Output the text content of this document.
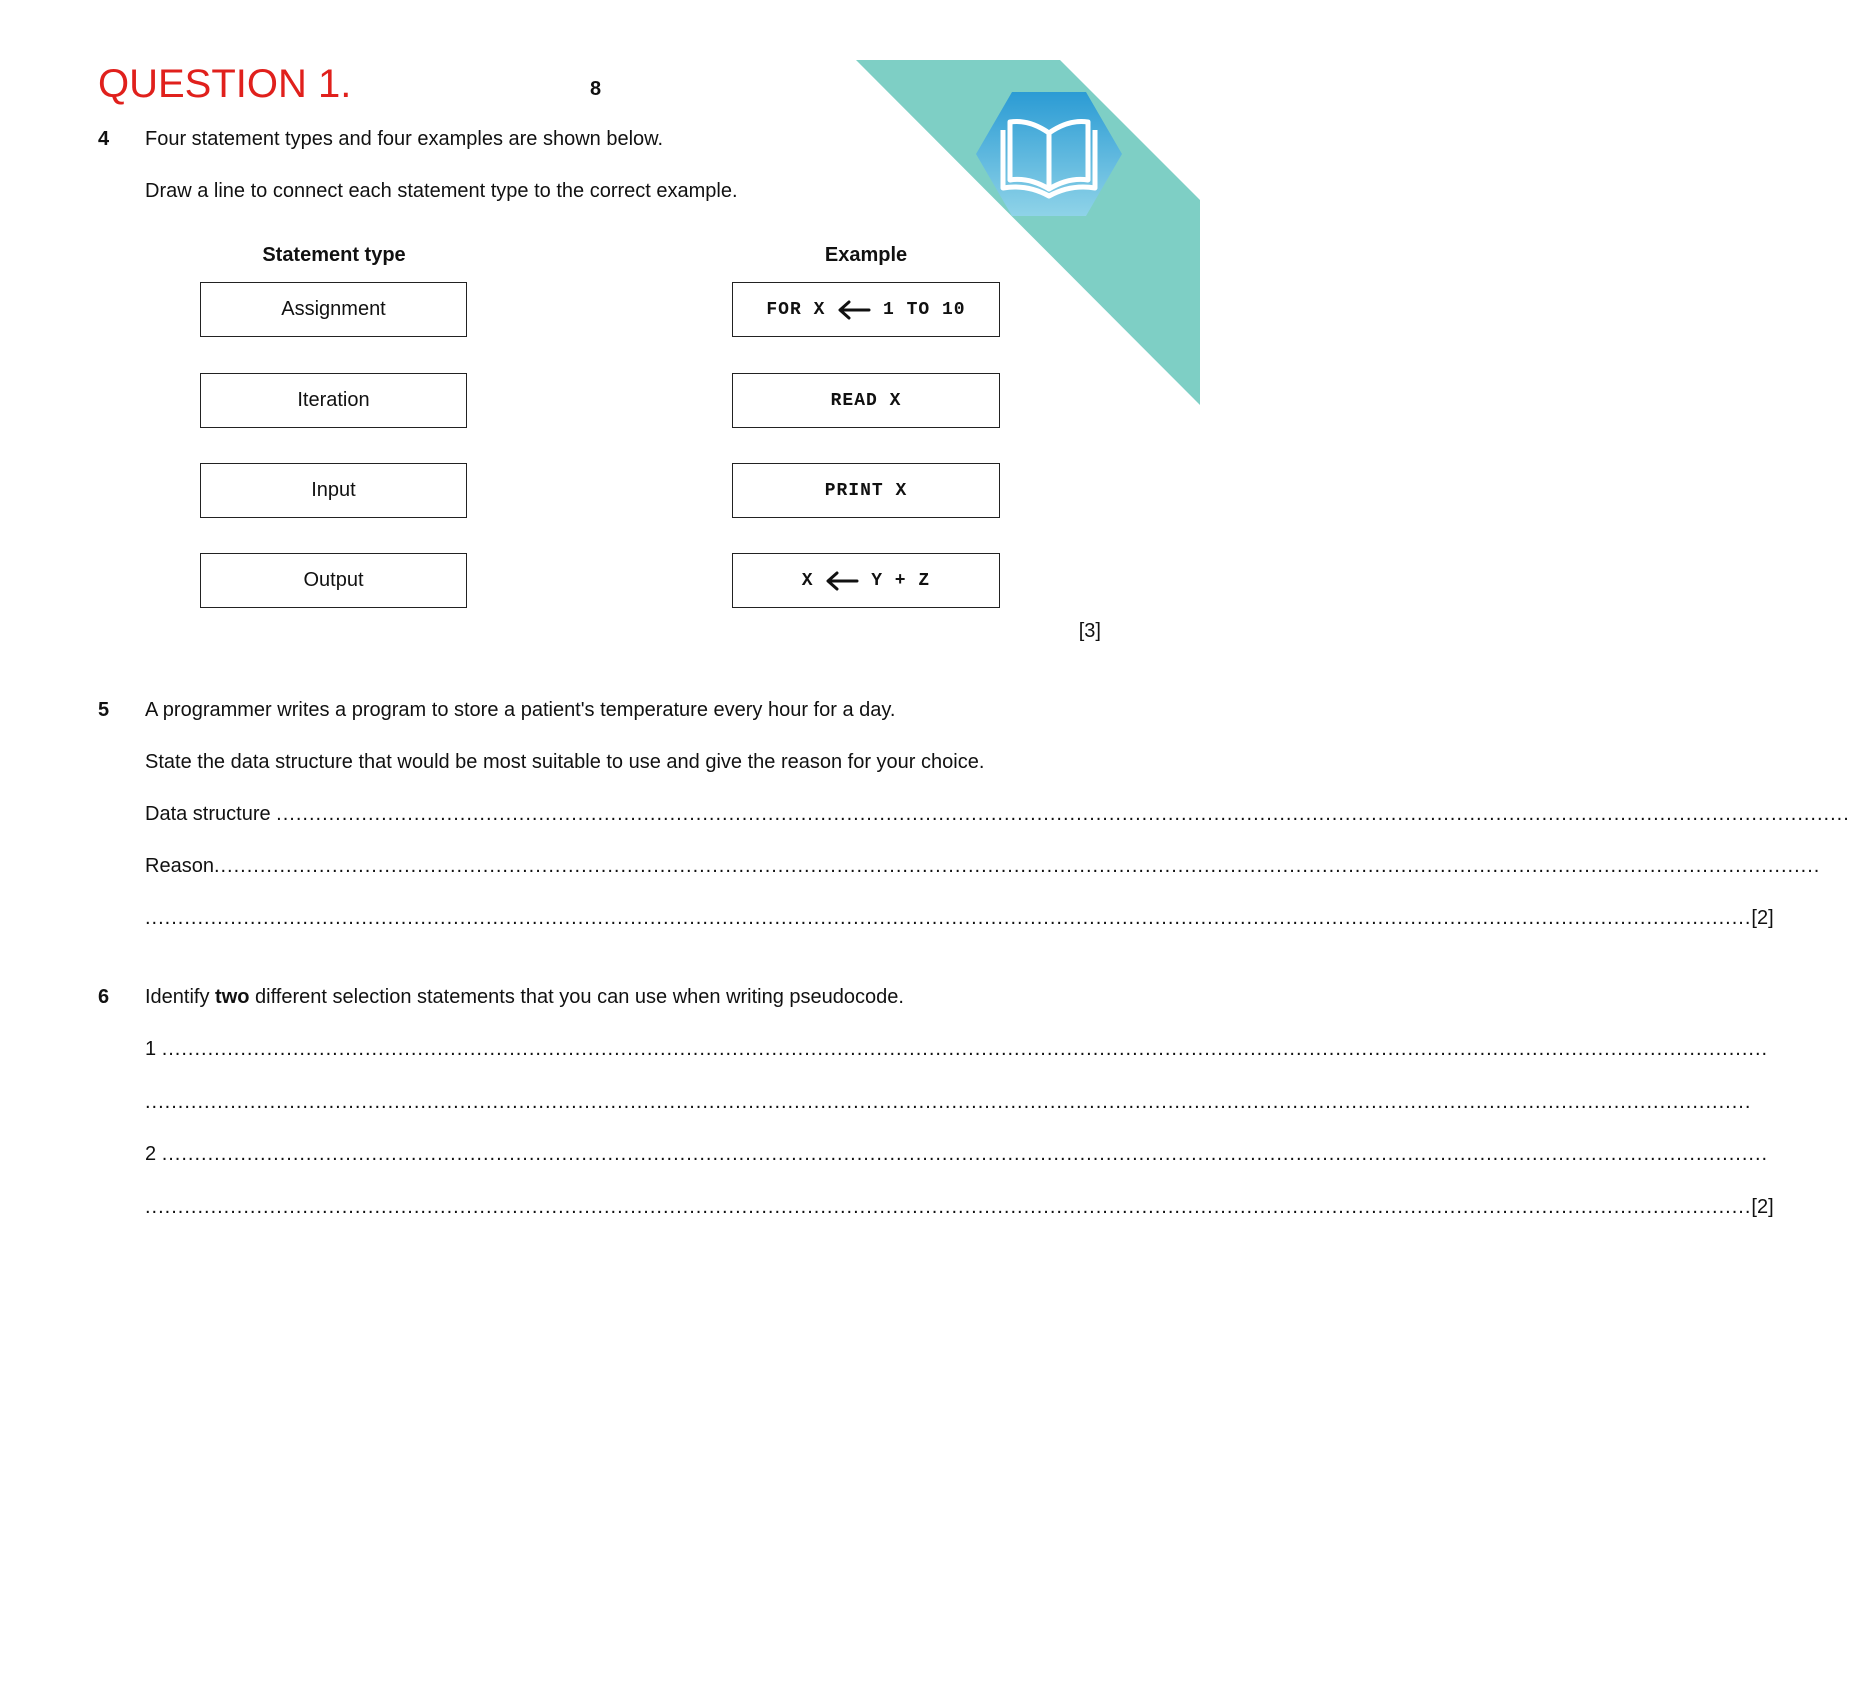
QUESTION 1.	8
4 Four statement types and four examples are shown below.
Draw a line to connect each statement type to the correct example.
Statement type	Example
Assignment
Iteration
Input
Output
FOR X 1 TO 10
READ X
PRINT X
X Y + Z
[3]
5 A programmer writes a program to store a patient's temperature every hour for a day.
State the data structure that would be most suitable to use and give the reason for your choice.
Data structure ................................................................................................................................................................................................................................................
Reason .....................................................................................................................................................................................................................................................
..................................................................................................................................................................................................................................................... [2]
6 Identify two different selection statements that you can use when writing pseudocode.
1 .....................................................................................................................................................................................................................................................
.....................................................................................................................................................................................................................................................
2 .....................................................................................................................................................................................................................................................
..................................................................................................................................................................................................................................................... [2]
